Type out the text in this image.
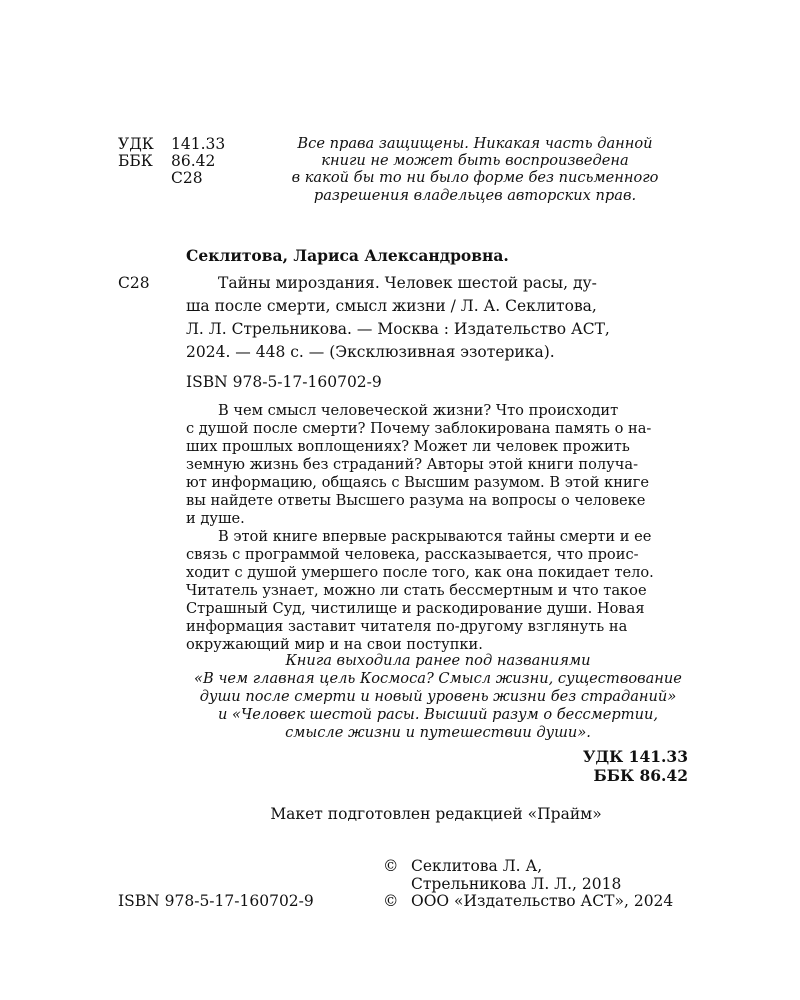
УДК 141.33
ББК 86.42
С28
Все права защищены. Никакая часть данной
книги не может быть воспроизведена
в какой бы то ни было форме без письменного
разрешения владельцев авторских прав.
Секлитова, Лариса Александровна.
С28	Тайны мироздания. Человек шестой расы, ду-
ша после смерти, смысл жизни / Л. А. Секлитова,
Л. Л. Стрельникова. — Москва : Издательство АСТ,
2024. — 448 с. — (Эксклюзивная эзотерика).
ISBN 978-5-17-160702-9
В чем смысл человеческой жизни? Что происходит
с душой после смерти? Почему заблокирована память о на-
ших прошлых воплощениях? Может ли человек прожить
земную жизнь без страданий? Авторы этой книги получа-
ют информацию, общаясь с Высшим разумом. В этой книге
вы найдете ответы Высшего разума на вопросы о человеке
и душе.
В этой книге впервые раскрываются тайны смерти и ее
связь с программой человека, рассказывается, что проис-
ходит с душой умершего после того, как она покидает тело.
Читатель узнает, можно ли стать бессмертным и что такое
Страшный Суд, чистилище и раскодирование души. Новая
информация заставит читателя по-другому взглянуть на
окружающий мир и на свои поступки.
Книга выходила ранее под названиями
«В чем главная цель Космоса? Смысл жизни, существование
души после смерти и новый уровень жизни без страданий»
и «Человек шестой расы. Высший разум о бессмертии,
смысле жизни и путешествии души».
УДК 141.33
ББК 86.42
Макет подготовлен редакцией «Прайм»
© Секлитова Л. А,
Стрельникова Л. Л., 2018
© ООО «Издательство АСТ», 2024
ISBN 978-5-17-160702-9
